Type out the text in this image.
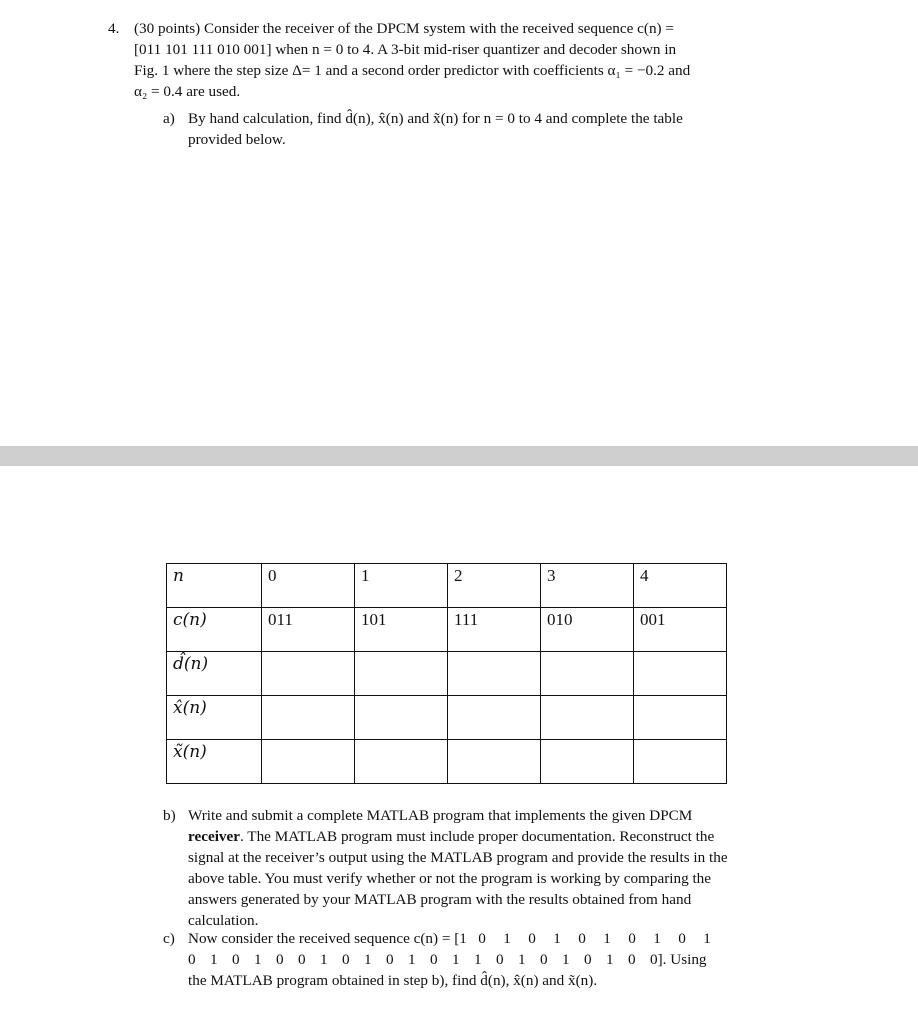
4. (30 points) Consider the receiver of the DPCM system with the received sequence c(n) =
[011 101 111 010 001] when n = 0 to 4. A 3-bit mid-riser quantizer and decoder shown in
Fig. 1 where the step size Δ= 1 and a second order predictor with coefficients α₁ = −0.2 and
α₂ = 0.4 are used.
a) By hand calculation, find d̂(n), x̂(n) and x̃(n) for n = 0 to 4 and complete the table
provided below.
n	0	1	2	3	4
c(n)	011	101	111	010	001
d̂(n)					
x̂(n)					
x̃(n)					
b) Write and submit a complete MATLAB program that implements the given DPCM
receiver. The MATLAB program must include proper documentation. Reconstruct the
signal at the receiver’s output using the MATLAB program and provide the results in the
above table. You must verify whether or not the program is working by comparing the
answers generated by your MATLAB program with the results obtained from hand
calculation.
c) Now consider the received sequence c(n) = [1 0 1 0 1 0 1 0 1 0 1
0 1 0 1 0 0 1 0 1 0 1 0 1 1 0 1 0 1 0 1 0 0]. Using
the MATLAB program obtained in step b), find d̂(n), x̂(n) and x̃(n).
